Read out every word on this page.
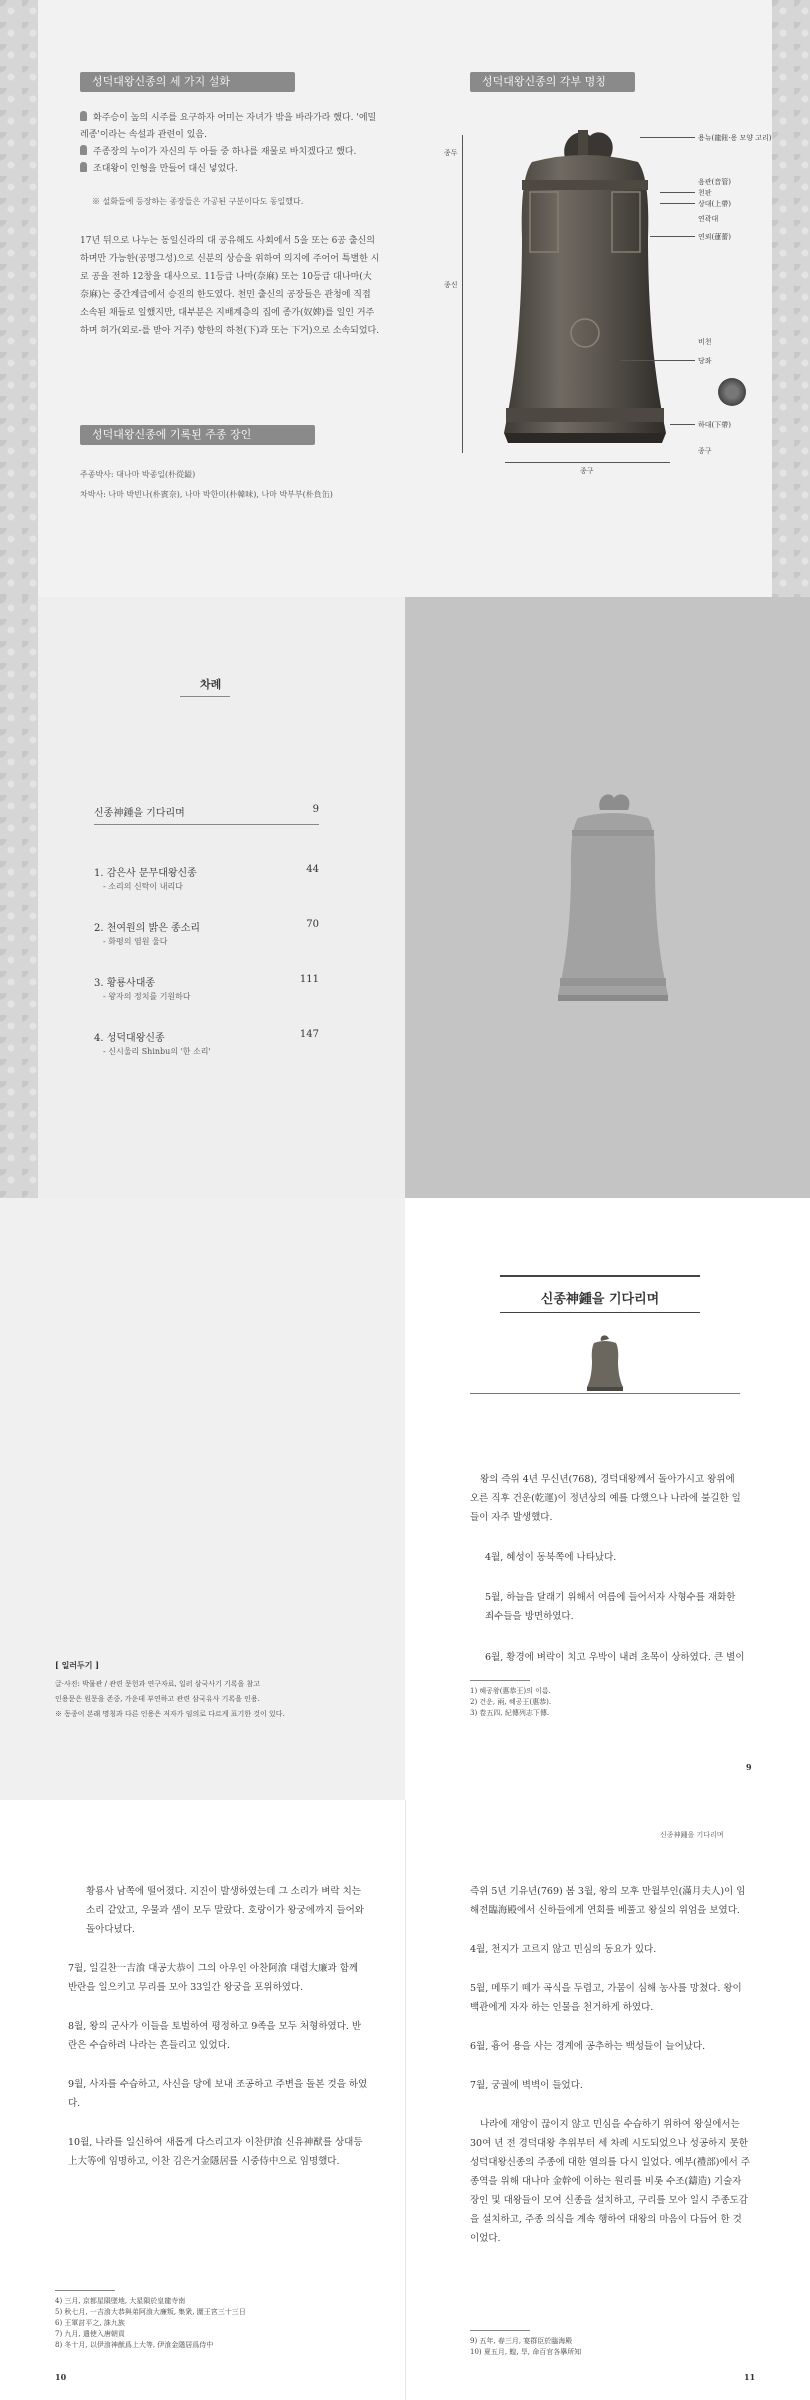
성덕대왕신종의 세 가지 설화
화주승이 높의 시주를 요구하자 어미는 자녀가 밖을 바라가라 했다. '에밀레종'이라는 속설과 관련이 있음.
주종장의 누이가 자신의 두 아들 중 하나를 재물로 바치겠다고 했다.
조대왕이 인형을 만들어 대신 넣었다.
※ 설화들에 등장하는 종장들은 가공된 구분이다도 동일했다.
17년 뒤으로 나누는 동일신라의 대 공유해도 사회에서 5을 또는 6공 출신의 하며만 가능한(공명그성)으로 신분의 상승을 위하여 의지에 주어어 특별한 시 로 공을 전하 12창을 대사으로. 11등급 나마(奈麻) 또는 10등급 대나마(大奈麻)는 중간계급에서 승진의 한도였다. 천민 출신의 공장들은 관청에 직접 소속된 채들로 일했지만, 대부분은 지배계층의 집에 종가(奴婢)를 일인 거주하며 허가(외로-를 받아 거주) 향한의 하천(下)과 또는 下거)으로 소속되었다.
성덕대왕신종에 기록된 주종 장인
주종박사: 대나마 박종일(朴從鎰)
차박사: 나마 박빈나(朴賓奈), 나마 박한미(朴韓味), 나마 박부부(朴負缶)
성덕대왕신종의 각부 명칭
종두
종신
용뉴(龍鈕·용 모양 고리)
음관(音管)
천판
상대(上帶)
연곽대
연뢰(蓮蕾)
비천
당좌
하대(下帶)
종구
종구
차례
신종神鍾을 기다리며	9
1. 감은사 문무대왕신종	44
- 소리의 신탁이 내리다
2. 천여원의 밝은 종소리	70
- 화평의 염원 울다
3. 황룡사대종	111
- 왕자의 정치를 기원하다
4. 성덕대왕신종	147
- 신시울리 Shinbu의 '한 소리'
[ 일러두기 ]
글·사진: 박물관 / 관련 문헌과 연구자료, 일러 삼국사기 기록을 참고
인용문은 원문을 존중, 가운데 부연하고 관련 삼국유사 기록을 인용.
※ 동종이 본래 명칭과 다른 인용은 저자가 임의로 다르게 표기한 것이 있다.
신종神鍾을 기다리며
왕의 즉위 4년 무신년(768), 경덕대왕께서 돌아가시고 왕위에 오른 직후 건운(乾運)이 정년상의 예를 다했으나 나라에 불길한 일들이 자주 발생했다.
4월, 혜성이 동북쪽에 나타났다.
5월, 하늘을 달래기 위해서 여름에 들어서자 사형수를 재화한 죄수들을 방면하였다.
6월, 황경에 벼락이 치고 우박이 내려 초목이 상하였다. 큰 별이
1) 혜공왕(惠恭王)의 이름.
2) 건운, 兩, 혜공王(惠恭).
3) 卷五四, 紀傳列志下傳.
9
신종神鍾을 기다리며
황룡사 남쪽에 떨어졌다. 지진이 발생하였는데 그 소리가 벼락 치는 소리 같았고, 우물과 샘이 모두 말랐다. 호랑이가 왕궁에까지 들어와 돌아다녔다.
7월, 일길찬一吉湌 대공大恭이 그의 아우인 아찬阿湌 대렴大廉과 함께 반란을 일으키고 무리를 모아 33일간 왕궁을 포위하였다.
8월, 왕의 군사가 이들을 토벌하여 평정하고 9족을 모두 처형하였다. 반란은 수습하려 나라는 흔들리고 있었다.
9월, 사자를 수습하고, 사신을 당에 보내 조공하고 주변을 돌본 것을 하였다.
10월, 나라를 일신하여 새롭게 다스리고자 이찬伊湌 신유神猷를 상대등上大等에 임명하고, 이찬 김은거金隱居를 시중侍中으로 임명했다.
4) 三月, 京都星隕墜地, 大星隕於皇龍寺南
5) 秋七月, 一吉湌大恭與弟阿湌大廉叛, 集衆, 圍王宮三十三日
6) 王軍討平之, 誅九族
7) 九月, 遣使入唐朝貢
8) 冬十月, 以伊湌神猷爲上大等, 伊湌金隱居爲侍中
10
즉위 5년 기유년(769) 봄 3월, 왕의 모후 만월부인(滿月夫人)이 임해전臨海殿에서 신하들에게 연회를 베풀고 왕실의 위엄을 보였다.
4월, 천지가 고르지 않고 민심의 동요가 있다.
5월, 메뚜기 떼가 곡식을 두렵고, 가뭄이 심해 농사를 망쳤다. 왕이 백관에게 자자 하는 인물을 천거하게 하였다.
6월, 흉어 용을 사는 경계에 공추하는 백성들이 늘어났다.
7월, 궁궐에 벽벽이 들었다.
나라에 재앙이 끊이지 않고 민심을 수습하기 위하여 왕실에서는 30여 년 전 경덕대왕 추위부터 세 차례 시도되었으나 성공하지 못한 성덕대왕신종의 주종에 대한 열의를 다시 일었다. 예부(禮部)에서 주종역을 위해 대나마 金幹에 이하는 원리를 비롯 수조(鑄造) 기술자 장인 및 대왕들이 모여 신종을 설치하고, 구리를 모아 일시 주종도감을 설치하고, 주종 의식을 계속 행하여 대왕의 마음이 다듬어 한 것이었다.
9) 五年, 春三月, 宴群臣於臨海殿
10) 夏五月, 蝗, 旱, 命百官各擧所知
11
